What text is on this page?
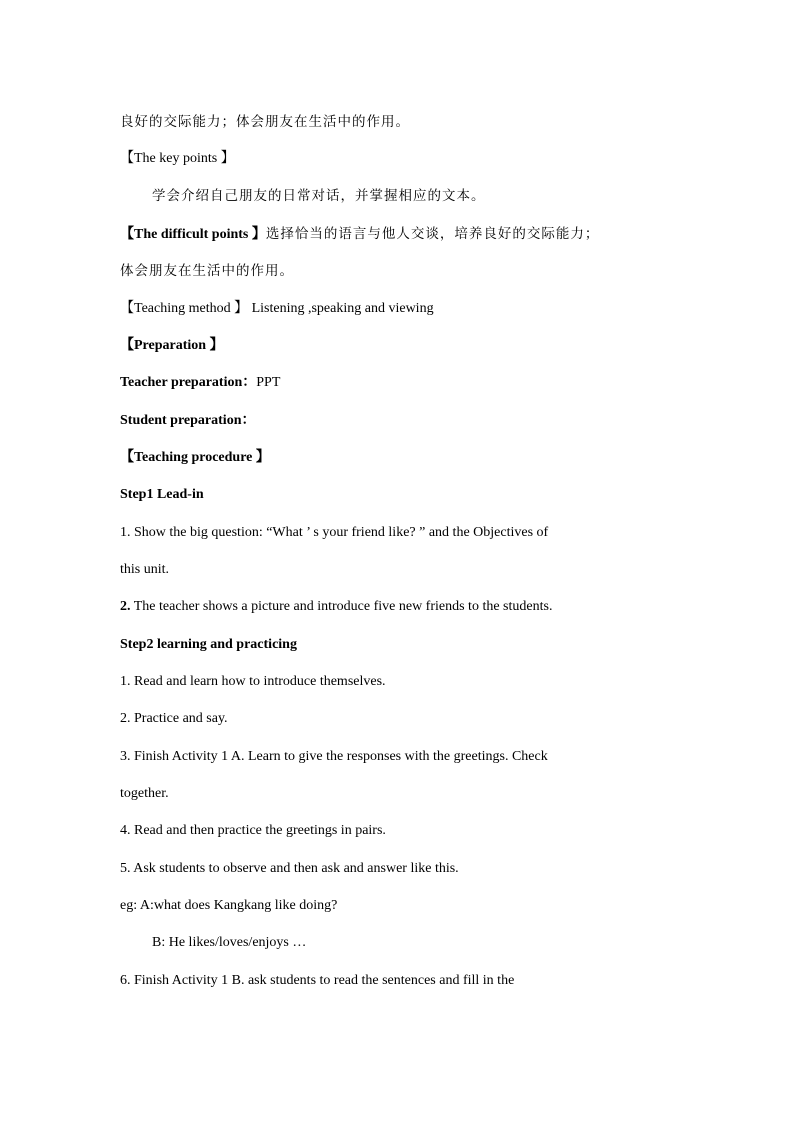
良好的交际能力；体会朋友在生活中的作用。
【The key points 】
学会介绍自己朋友的日常对话，并掌握相应的文本。
【The difficult points 】选择恰当的语言与他人交谈，培养良好的交际能力；
体会朋友在生活中的作用。
【Teaching method 】 Listening ,speaking and viewing
【Preparation 】
Teacher preparation：PPT
Student preparation：
【Teaching procedure 】
Step1 Lead-in
1. Show the big question: “What ’ s your friend like? ” and the Objectives of
this unit.
2. The teacher shows a picture and introduce five new friends to the students.
Step2 learning and practicing
1. Read and learn how to introduce themselves.
2. Practice and say.
3. Finish Activity 1 A. Learn to give the responses with the greetings. Check
together.
4. Read and then practice the greetings in pairs.
5. Ask students to observe and then ask and answer like this.
eg: A:what does Kangkang like doing?
B: He likes/loves/enjoys …
6. Finish Activity 1 B. ask students to read the sentences and fill in the
